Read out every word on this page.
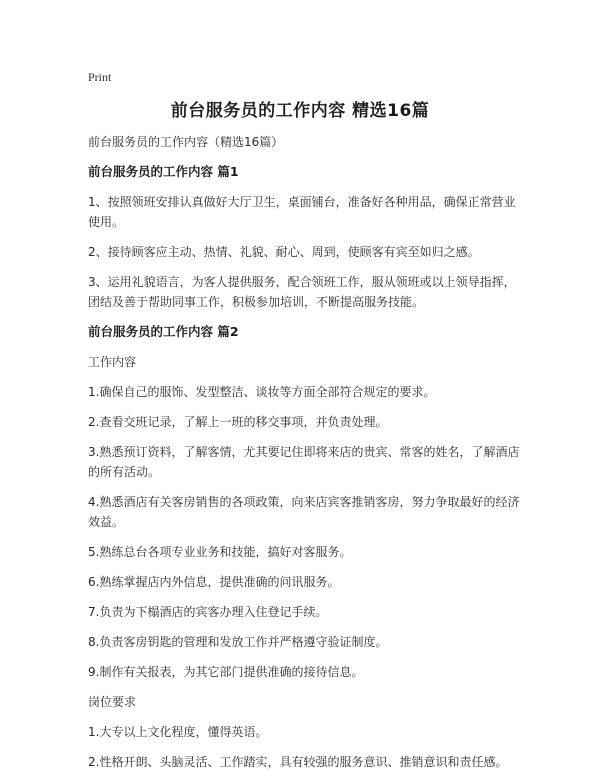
Print
前台服务员的工作内容 精选16篇
前台服务员的工作内容（精选16篇）
前台服务员的工作内容 篇1
1、按照领班安排认真做好大厅卫生，桌面铺台，准备好各种用品，确保正常营业使用。
2、接待顾客应主动、热情、礼貌、耐心、周到，使顾客有宾至如归之感。
3、运用礼貌语言，为客人提供服务，配合领班工作，服从领班或以上领导指挥，团结及善于帮助同事工作，积极参加培训，不断提高服务技能。
前台服务员的工作内容 篇2
工作内容
1.确保自己的服饰、发型整洁、谈妆等方面全部符合规定的要求。
2.查看交班记录，了解上一班的移交事项，并负责处理。
3.熟悉预订资料，了解客情，尤其要记住即将来店的贵宾、常客的姓名，了解酒店的所有活动。
4.熟悉酒店有关客房销售的各项政策，向来店宾客推销客房，努力争取最好的经济效益。
5.熟练总台各项专业业务和技能，搞好对客服务。
6.熟练掌握店内外信息，提供准确的问讯服务。
7.负责为下榻酒店的宾客办理入住登记手续。
8.负责客房钥匙的管理和发放工作并严格遵守验证制度。
9.制作有关报表，为其它部门提供准确的接待信息。
岗位要求
1.大专以上文化程度，懂得英语。
2.性格开朗、头脑灵活、工作踏实，具有较强的服务意识、推销意识和责任感。
